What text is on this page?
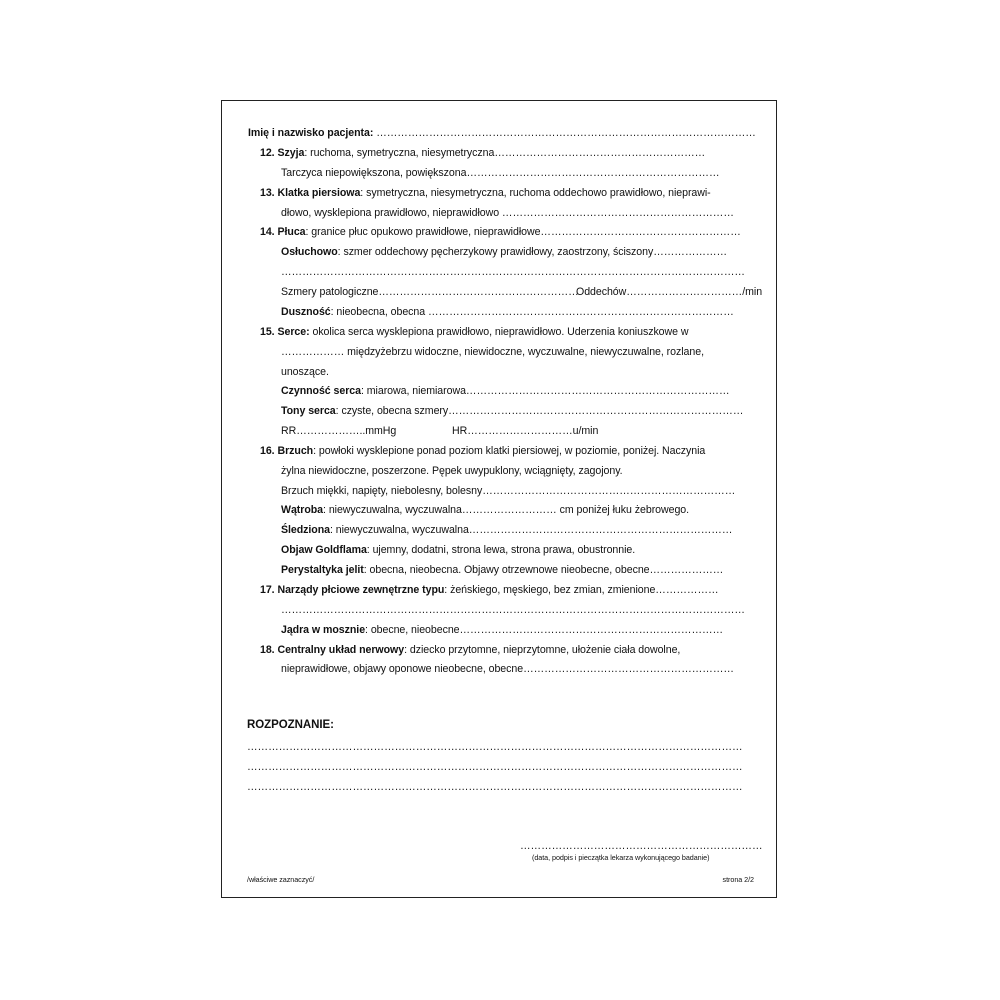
Imię i nazwisko pacjenta: ………………………………………………………………………………………………
12. Szyja: ruchoma, symetryczna, niesymetryczna……………………………………………………
Tarczyca niepowiększona, powiększona………………………………………………………………
13. Klatka piersiowa: symetryczna, niesymetryczna, ruchoma oddechowo prawidłowo, nieprawi-
dłowo, wysklepiona prawidłowo, nieprawidłowo …………………………………………………………
14. Płuca: granice płuc opukowo prawidłowe, nieprawidłowe…………………………………………………
Osłuchowo: szmer oddechowy pęcherzykowy prawidłowy, zaostrzony, ściszony…………………
……………………………………………………………………………………………………………………
Szmery patologiczne…………………………………………………
Oddechów……………………………/min
Duszność: nieobecna, obecna ……………………………………………………………………………
15. Serce: okolica serca wysklepiona prawidłowo, nieprawidłowo. Uderzenia koniuszkowe w
……………… międzyżebrzu widoczne, niewidoczne, wyczuwalne, niewyczuwalne, rozlane,
unoszące.
Czynność serca: miarowa, niemiarowa…………………………………………………………………
Tony serca: czyste, obecna szmery…………………………………………………………………………
RR………………..mmHg	HR…………………………u/min
16. Brzuch: powłoki wysklepione ponad poziom klatki piersiowej, w poziomie, poniżej. Naczynia
żylna niewidoczne, poszerzone. Pępek uwypuklony, wciągnięty, zagojony.
Brzuch miękki, napięty, niebolesny, bolesny………………………………………………………………
Wątroba: niewyczuwalna, wyczuwalna……………………… cm poniżej łuku żebrowego.
Śledziona: niewyczuwalna, wyczuwalna…………………………………………………………………
Objaw Goldflama: ujemny, dodatni, strona lewa, strona prawa, obustronnie.
Perystaltyka jelit: obecna, nieobecna. Objawy otrzewnowe nieobecne, obecne…………………
17. Narządy płciowe zewnętrzne typu: żeńskiego, męskiego, bez zmian, zmienione………………
……………………………………………………………………………………………………………………
Jądra w mosznie: obecne, nieobecne…………………………………………………………………
18. Centralny układ nerwowy: dziecko przytomne, nieprzytomne, ułożenie ciała dowolne,
nieprawidłowe, objawy oponowe nieobecne, obecne……………………………………………………
ROZPOZNANIE:
……………………………………………………………………………………………………………………………
……………………………………………………………………………………………………………………………
……………………………………………………………………………………………………………………………
……………………………………………………………
(data, podpis i pieczątka lekarza wykonującego badanie)
/właściwe zaznaczyć/	strona 2/2
